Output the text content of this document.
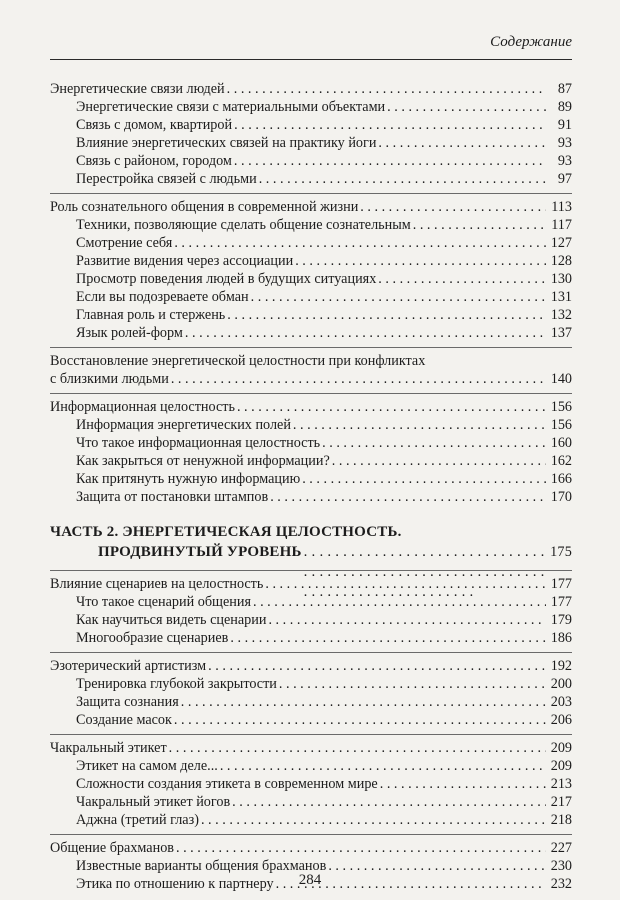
Содержание
Энергетические связи людей . . .	87
Энергетические связи с материальными объектами . . .	89
Связь с домом, квартирой . . .	91
Влияние энергетических связей на практику йоги . . .	93
Связь с районом, городом . . .	93
Перестройка связей с людьми . . .	97
Роль сознательного общения в современной жизни . . .	113
Техники, позволяющие сделать общение сознательным . . .	117
Смотрение себя . . .	127
Развитие видения через ассоциации . . .	128
Просмотр поведения людей в будущих ситуациях . . .	130
Если вы подозреваете обман . . .	131
Главная роль и стержень . . .	132
Язык ролей-форм . . .	137
Восстановление энергетической целостности при конфликтах
с близкими людьми . . .	140
Информационная целостность . . .	156
Информация энергетических полей . . .	156
Что такое информационная целостность . . .	160
Как закрыться от ненужной информации? . . .	162
Как притянуть нужную информацию . . .	166
Защита от постановки штампов . . .	170
ЧАСТЬ 2. ЭНЕРГЕТИЧЕСКАЯ ЦЕЛОСТНОСТЬ.
ПРОДВИНУТЫЙ УРОВЕНЬ . . .	175
Влияние сценариев на целостность . . .	177
Что такое сценарий общения . . .	177
Как научиться видеть сценарии . . .	179
Многообразие сценариев . . .	186
Эзотерический артистизм . . .	192
Тренировка глубокой закрытости . . .	200
Защита сознания . . .	203
Создание масок . . .	206
Чакральный этикет . . .	209
Этикет на самом деле... . . .	209
Сложности создания этикета в современном мире . . .	213
Чакральный этикет йогов . . .	217
Аджна (третий глаз) . . .	218
Общение брахманов . . .	227
Известные варианты общения брахманов . . .	230
Этика по отношению к партнеру . . .	232
284
